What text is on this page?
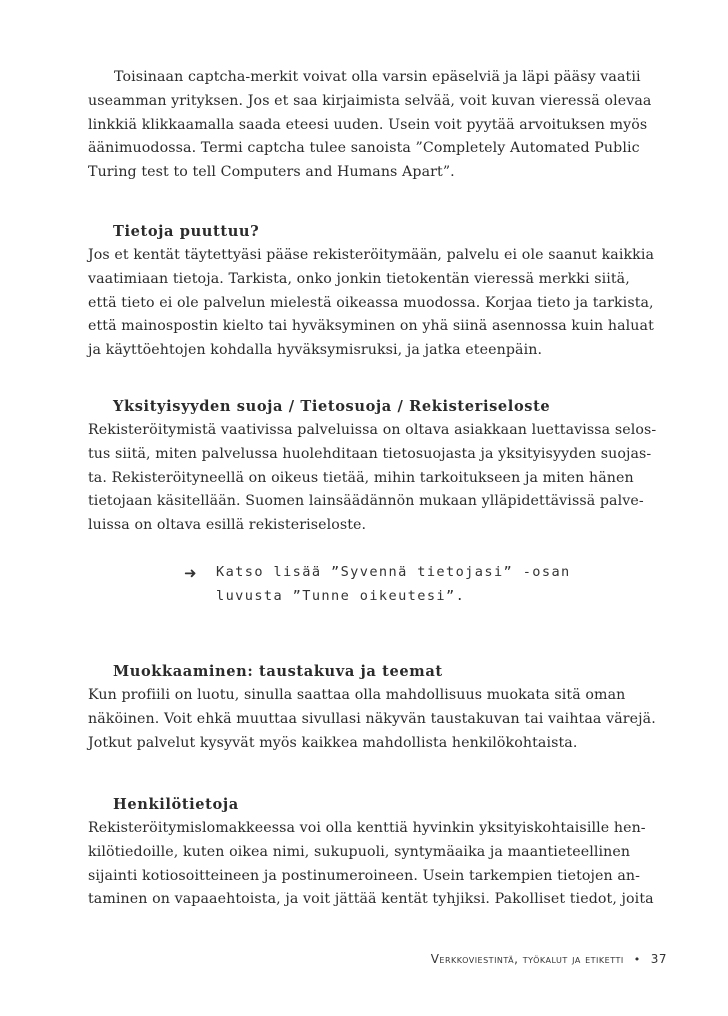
Toisinaan captcha-merkit voivat olla varsin epäselviä ja läpi pääsy vaatii
useamman yrityksen. Jos et saa kirjaimista selvää, voit kuvan vieressä olevaa
linkkiä klikkaamalla saada eteesi uuden. Usein voit pyytää arvoituksen myös
äänimuodossa. Termi captcha tulee sanoista ”Completely Automated Public
Turing test to tell Computers and Humans Apart”.
Tietoja puuttuu?
Jos et kentät täytettyäsi pääse rekisteröitymään, palvelu ei ole saanut kaikkia
vaatimiaan tietoja. Tarkista, onko jonkin tietokentän vieressä merkki siitä,
että tieto ei ole palvelun mielestä oikeassa muodossa. Korjaa tieto ja tarkista,
että mainospostin kielto tai hyväksyminen on yhä siinä asennossa kuin haluat
ja käyttöehtojen kohdalla hyväksymisruksi, ja jatka eteenpäin.
Yksityisyyden suoja / Tietosuoja / Rekisteriseloste
Rekisteröitymistä vaativissa palveluissa on oltava asiakkaan luettavissa selos-
tus siitä, miten palvelussa huolehditaan tietosuojasta ja yksityisyyden suojas-
ta. Rekisteröityneellä on oikeus tietää, mihin tarkoitukseen ja miten hänen
tietojaan käsitellään. Suomen lainsäädännön mukaan ylläpidettävissä palve-
luissa on oltava esillä rekisteriseloste.
➜ Katso lisää ”Syvennä tietojasi” -osan
luvusta ”Tunne oikeutesi”.
Muokkaaminen: taustakuva ja teemat
Kun profiili on luotu, sinulla saattaa olla mahdollisuus muokata sitä oman
näköinen. Voit ehkä muuttaa sivullasi näkyvän taustakuvan tai vaihtaa värejä.
Jotkut palvelut kysyvät myös kaikkea mahdollista henkilökohtaista.
Henkilötietoja
Rekisteröitymislomakkeessa voi olla kenttiä hyvinkin yksityiskohtaisille hen-
kilötiedoille, kuten oikea nimi, sukupuoli, syntymäaika ja maantieteellinen
sijainti kotiosoitteineen ja postinumeroineen. Usein tarkempien tietojen an-
taminen on vapaaehtoista, ja voit jättää kentät tyhjiksi. Pakolliset tiedot, joita
Verkkoviestintä, työkalut ja etiketti • 37
